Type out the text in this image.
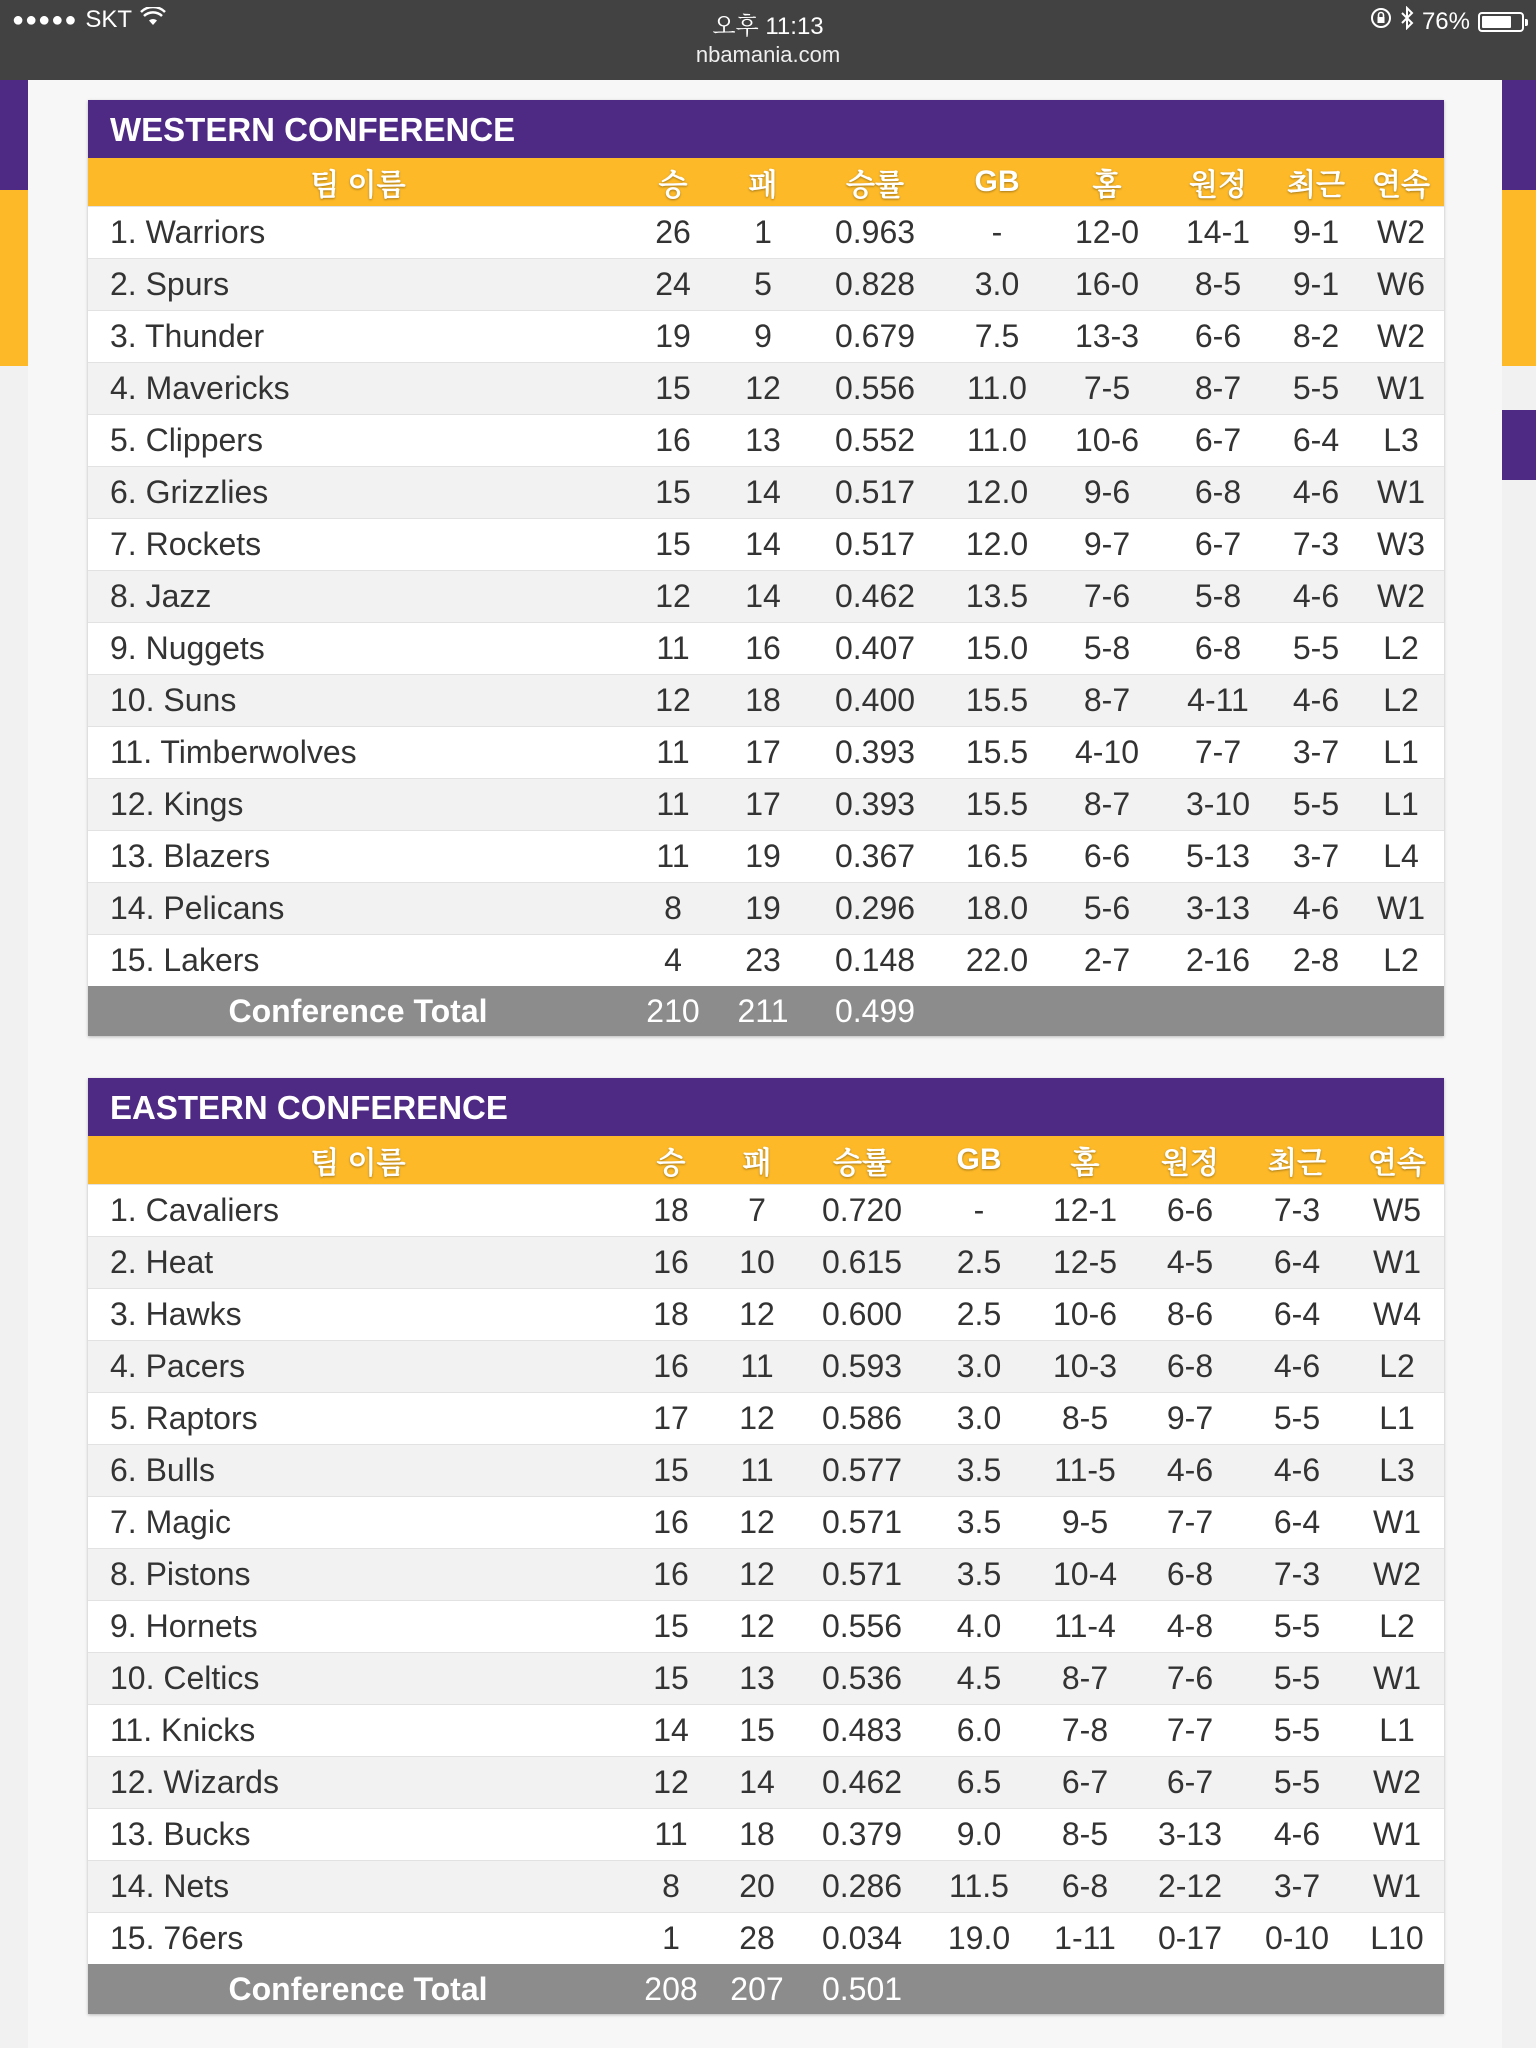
●●●●● SKT	오후 11:13
nbamania.com
76%
WESTERN CONFERENCE
팀 이름	승	패	승률	GB	홈	원정	최근	연속
1. Warriors	26	1	0.963	-	12-0	14-1	9-1	W2
2. Spurs	24	5	0.828	3.0	16-0	8-5	9-1	W6
3. Thunder	19	9	0.679	7.5	13-3	6-6	8-2	W2
4. Mavericks	15	12	0.556	11.0	7-5	8-7	5-5	W1
5. Clippers	16	13	0.552	11.0	10-6	6-7	6-4	L3
6. Grizzlies	15	14	0.517	12.0	9-6	6-8	4-6	W1
7. Rockets	15	14	0.517	12.0	9-7	6-7	7-3	W3
8. Jazz	12	14	0.462	13.5	7-6	5-8	4-6	W2
9. Nuggets	11	16	0.407	15.0	5-8	6-8	5-5	L2
10. Suns	12	18	0.400	15.5	8-7	4-11	4-6	L2
11. Timberwolves	11	17	0.393	15.5	4-10	7-7	3-7	L1
12. Kings	11	17	0.393	15.5	8-7	3-10	5-5	L1
13. Blazers	11	19	0.367	16.5	6-6	5-13	3-7	L4
14. Pelicans	8	19	0.296	18.0	5-6	3-13	4-6	W1
15. Lakers	4	23	0.148	22.0	2-7	2-16	2-8	L2
Conference Total	210	211	0.499					
EASTERN CONFERENCE
팀 이름	승	패	승률	GB	홈	원정	최근	연속
1. Cavaliers	18	7	0.720	-	12-1	6-6	7-3	W5
2. Heat	16	10	0.615	2.5	12-5	4-5	6-4	W1
3. Hawks	18	12	0.600	2.5	10-6	8-6	6-4	W4
4. Pacers	16	11	0.593	3.0	10-3	6-8	4-6	L2
5. Raptors	17	12	0.586	3.0	8-5	9-7	5-5	L1
6. Bulls	15	11	0.577	3.5	11-5	4-6	4-6	L3
7. Magic	16	12	0.571	3.5	9-5	7-7	6-4	W1
8. Pistons	16	12	0.571	3.5	10-4	6-8	7-3	W2
9. Hornets	15	12	0.556	4.0	11-4	4-8	5-5	L2
10. Celtics	15	13	0.536	4.5	8-7	7-6	5-5	W1
11. Knicks	14	15	0.483	6.0	7-8	7-7	5-5	L1
12. Wizards	12	14	0.462	6.5	6-7	6-7	5-5	W2
13. Bucks	11	18	0.379	9.0	8-5	3-13	4-6	W1
14. Nets	8	20	0.286	11.5	6-8	2-12	3-7	W1
15. 76ers	1	28	0.034	19.0	1-11	0-17	0-10	L10
Conference Total	208	207	0.501					
